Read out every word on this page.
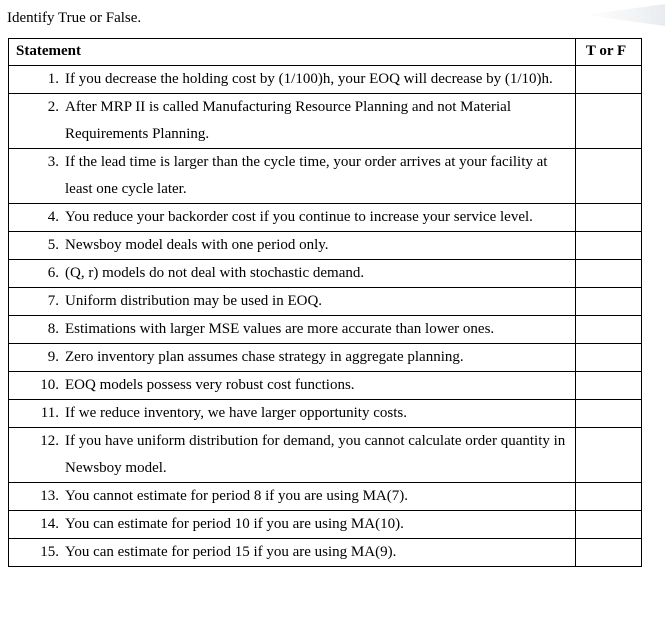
Identify True or False.
Statement	T or F

1. If you decrease the holding cost by (1/100)h, your EOQ will decrease by (1/10)h.	

2. After MRP II is called Manufacturing Resource Planning and not Material Requirements Planning.	

3. If the lead time is larger than the cycle time, your order arrives at your facility at least one cycle later.	

4. You reduce your backorder cost if you continue to increase your service level.	

5. Newsboy model deals with one period only.	

6. (Q, r) models do not deal with stochastic demand.	

7. Uniform distribution may be used in EOQ.	

8. Estimations with larger MSE values are more accurate than lower ones.	

9. Zero inventory plan assumes chase strategy in aggregate planning.	

10. EOQ models possess very robust cost functions.	

11. If we reduce inventory, we have larger opportunity costs.	

12. If you have uniform distribution for demand, you cannot calculate order quantity in Newsboy model.	

13. You cannot estimate for period 8 if you are using MA(7).	

14. You can estimate for period 10 if you are using MA(10).	

15. You can estimate for period 15 if you are using MA(9).	
